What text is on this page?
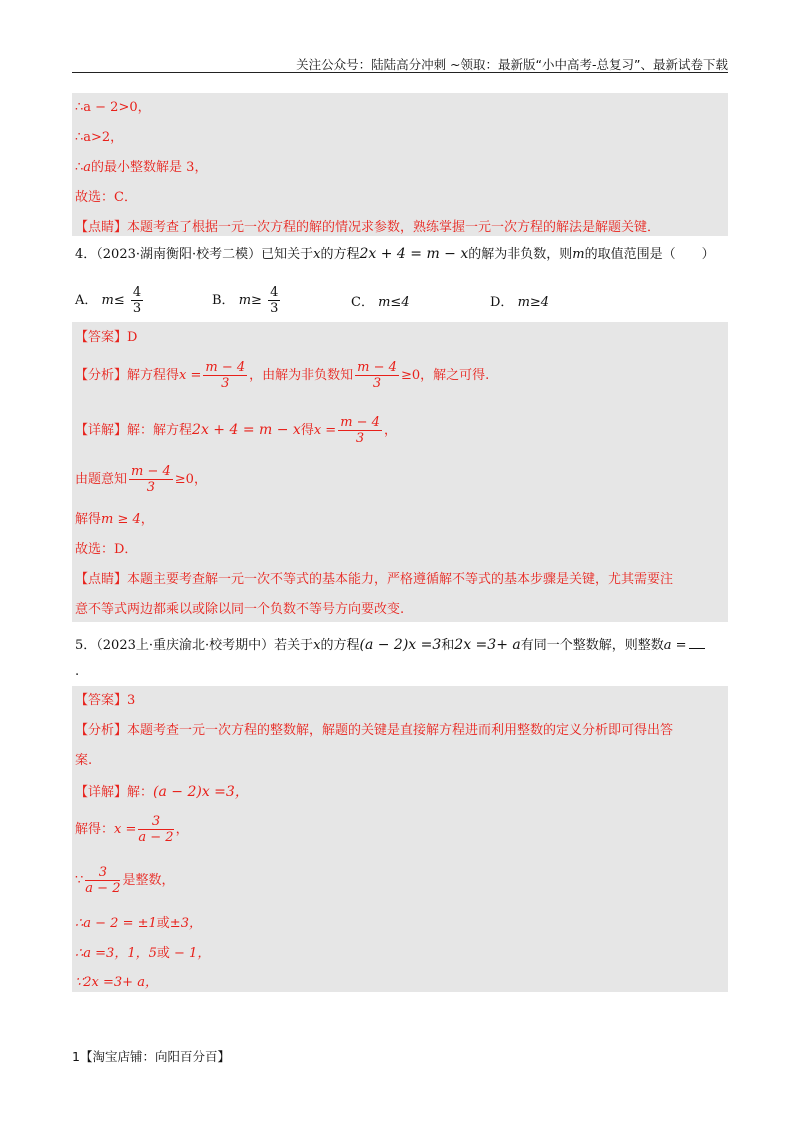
关注公众号：陆陆高分冲刺 ~领取：最新版“小中高考-总复习”、最新试卷下载
∴a − 2>0，
∴a>2，
∴a的最小整数解是 3，
故选：C．
【点睛】本题考查了根据一元一次方程的解的情况求参数，熟练掌握一元一次方程的解法是解题关键．
4．（2023·湖南衡阳·校考二模）已知关于x的方程2x + 4 = m − x的解为非负数，则m的取值范围是（　　）
A． $m\le \frac{4}{3}$	B． $m\ge \frac{4}{3}$	C． m≤4	D． m≥4
【答案】D
【分析】解方程得$x = \frac{m - 4}{3}$ ，由解为非负数知 $\frac{m - 4}{3} \ge 0$，解之可得.
【详解】解：解方程2x + 4 = m − x得$x = \frac{m - 4}{3}$ ，
由题意知 $\frac{m - 4}{3} \ge 0$，
解得m ≥ 4，
故选：D．
【点睛】本题主要考查解一元一次不等式的基本能力，严格遵循解不等式的基本步骤是关键，尤其需要注
意不等式两边都乘以或除以同一个负数不等号方向要改变.
5．（2023上·重庆渝北·校考期中）若关于x的方程(a − 2)x =3和2x =3+ a有同一个整数解，则整数a =
.
【答案】3
【分析】本题考查一元一次方程的整数解，解题的关键是直接解方程进而利用整数的定义分析即可得出答
案.
【详解】解：(a − 2)x =3，
解得：$x = \frac{3}{a - 2}$ ，
∵ $\frac{3}{a - 2}$ 是整数，
∴a − 2 = ±1或±3，
∴a =3，1，5或 − 1，
∵2x =3+ a，
1【淘宝店铺：向阳百分百】
